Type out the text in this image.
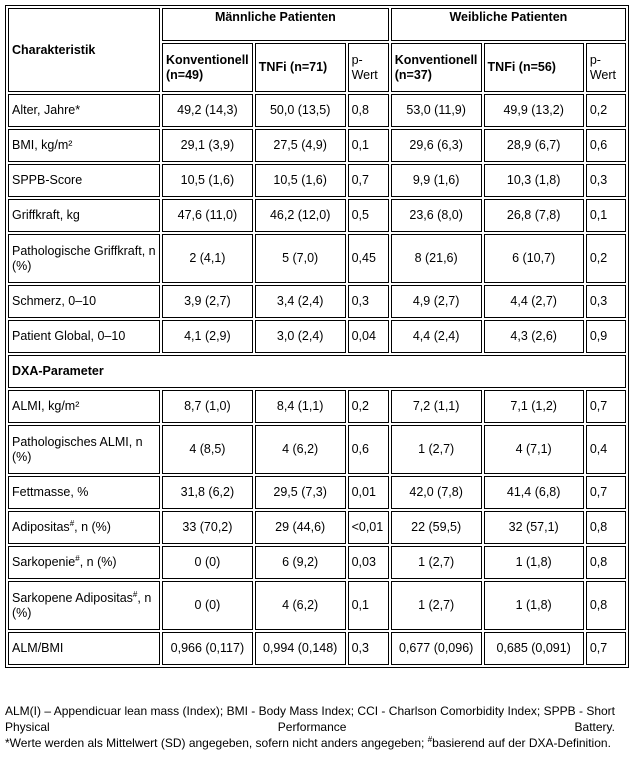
Charakteristik	Männliche Patienten			Weibliche Patienten		
	Konventionell (n=49)	TNFi (n=71)	p-Wert	Konventionell (n=37)	TNFi (n=56)	p-Wert
Alter, Jahre*	49,2 (14,3)	50,0 (13,5)	0,8	53,0 (11,9)	49,9 (13,2)	0,2
BMI, kg/m²	29,1 (3,9)	27,5 (4,9)	0,1	29,6 (6,3)	28,9 (6,7)	0,6
SPPB-Score	10,5 (1,6)	10,5 (1,6)	0,7	9,9 (1,6)	10,3 (1,8)	0,3
Griffkraft, kg	47,6 (11,0)	46,2 (12,0)	0,5	23,6 (8,0)	26,8 (7,8)	0,1
Pathologische Griffkraft, n (%)	2 (4,1)	5 (7,0)	0,45	8 (21,6)	6 (10,7)	0,2
Schmerz, 0–10	3,9 (2,7)	3,4 (2,4)	0,3	4,9 (2,7)	4,4 (2,7)	0,3
Patient Global, 0–10	4,1 (2,9)	3,0 (2,4)	0,04	4,4 (2,4)	4,3 (2,6)	0,9
DXA-Parameter						
ALMI, kg/m²	8,7 (1,0)	8,4 (1,1)	0,2	7,2 (1,1)	7,1 (1,2)	0,7
Pathologisches ALMI, n (%)	4 (8,5)	4 (6,2)	0,6	1 (2,7)	4 (7,1)	0,4
Fettmasse, %	31,8 (6,2)	29,5 (7,3)	0,01	42,0 (7,8)	41,4 (6,8)	0,7
Adipositas#, n (%)	33 (70,2)	29 (44,6)	<0,01	22 (59,5)	32 (57,1)	0,8
Sarkopenie#, n (%)	0 (0)	6 (9,2)	0,03	1 (2,7)	1 (1,8)	0,8
Sarkopene Adipositas#, n (%)	0 (0)	4 (6,2)	0,1	1 (2,7)	1 (1,8)	0,8
ALM/BMI	0,966 (0,117)	0,994 (0,148)	0,3	0,677 (0,096)	0,685 (0,091)	0,7

ALM(I) – Appendicuar lean mass (Index); BMI - Body Mass Index; CCI - Charlson Comorbidity Index; SPPB - Short Physical Performance Battery.

*Werte werden als Mittelwert (SD) angegeben, sofern nicht anders angegeben; #basierend auf der DXA-Definition.
